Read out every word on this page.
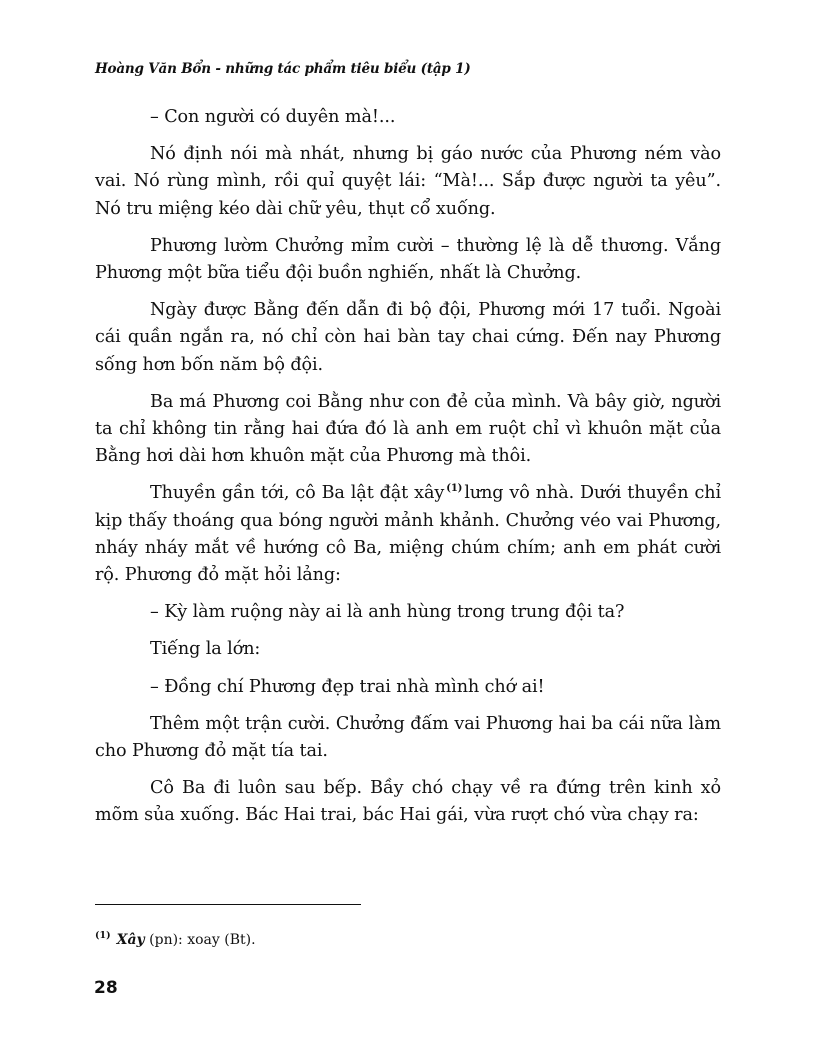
Hoàng Văn Bổn - những tác phẩm tiêu biểu (tập 1)

– Con người có duyên mà!...

Nó định nói mà nhát, nhưng bị gáo nước của Phương ném vào vai. Nó rùng mình, rồi quỉ quyệt lái: “Mà!... Sắp được người ta yêu”. Nó tru miệng kéo dài chữ yêu, thụt cổ xuống.

Phương lườm Chưởng mỉm cười – thường lệ là dễ thương. Vắng Phương một bữa tiểu đội buồn nghiến, nhất là Chưởng.

Ngày được Bằng đến dẫn đi bộ đội, Phương mới 17 tuổi. Ngoài cái quần ngắn ra, nó chỉ còn hai bàn tay chai cứng. Đến nay Phương sống hơn bốn năm bộ đội.

Ba má Phương coi Bằng như con đẻ của mình. Và bây giờ, người ta chỉ không tin rằng hai đứa đó là anh em ruột chỉ vì khuôn mặt của Bằng hơi dài hơn khuôn mặt của Phương mà thôi.

Thuyền gần tới, cô Ba lật đật xây $^{(1)}$ lưng vô nhà. Dưới thuyền chỉ kịp thấy thoáng qua bóng người mảnh khảnh. Chưởng véo vai Phương, nháy nháy mắt về hướng cô Ba, miệng chúm chím; anh em phát cười rộ. Phương đỏ mặt hỏi lảng:

– Kỳ làm ruộng này ai là anh hùng trong trung đội ta?

Tiếng la lớn:

– Đồng chí Phương đẹp trai nhà mình chớ ai!

Thêm một trận cười. Chưởng đấm vai Phương hai ba cái nữa làm cho Phương đỏ mặt tía tai.

Cô Ba đi luôn sau bếp. Bầy chó chạy về ra đứng trên kinh xỏ mõm sủa xuống. Bác Hai trai, bác Hai gái, vừa rượt chó vừa chạy ra:

$^{(1)}$ Xây (pn): xoay (Bt).
28
